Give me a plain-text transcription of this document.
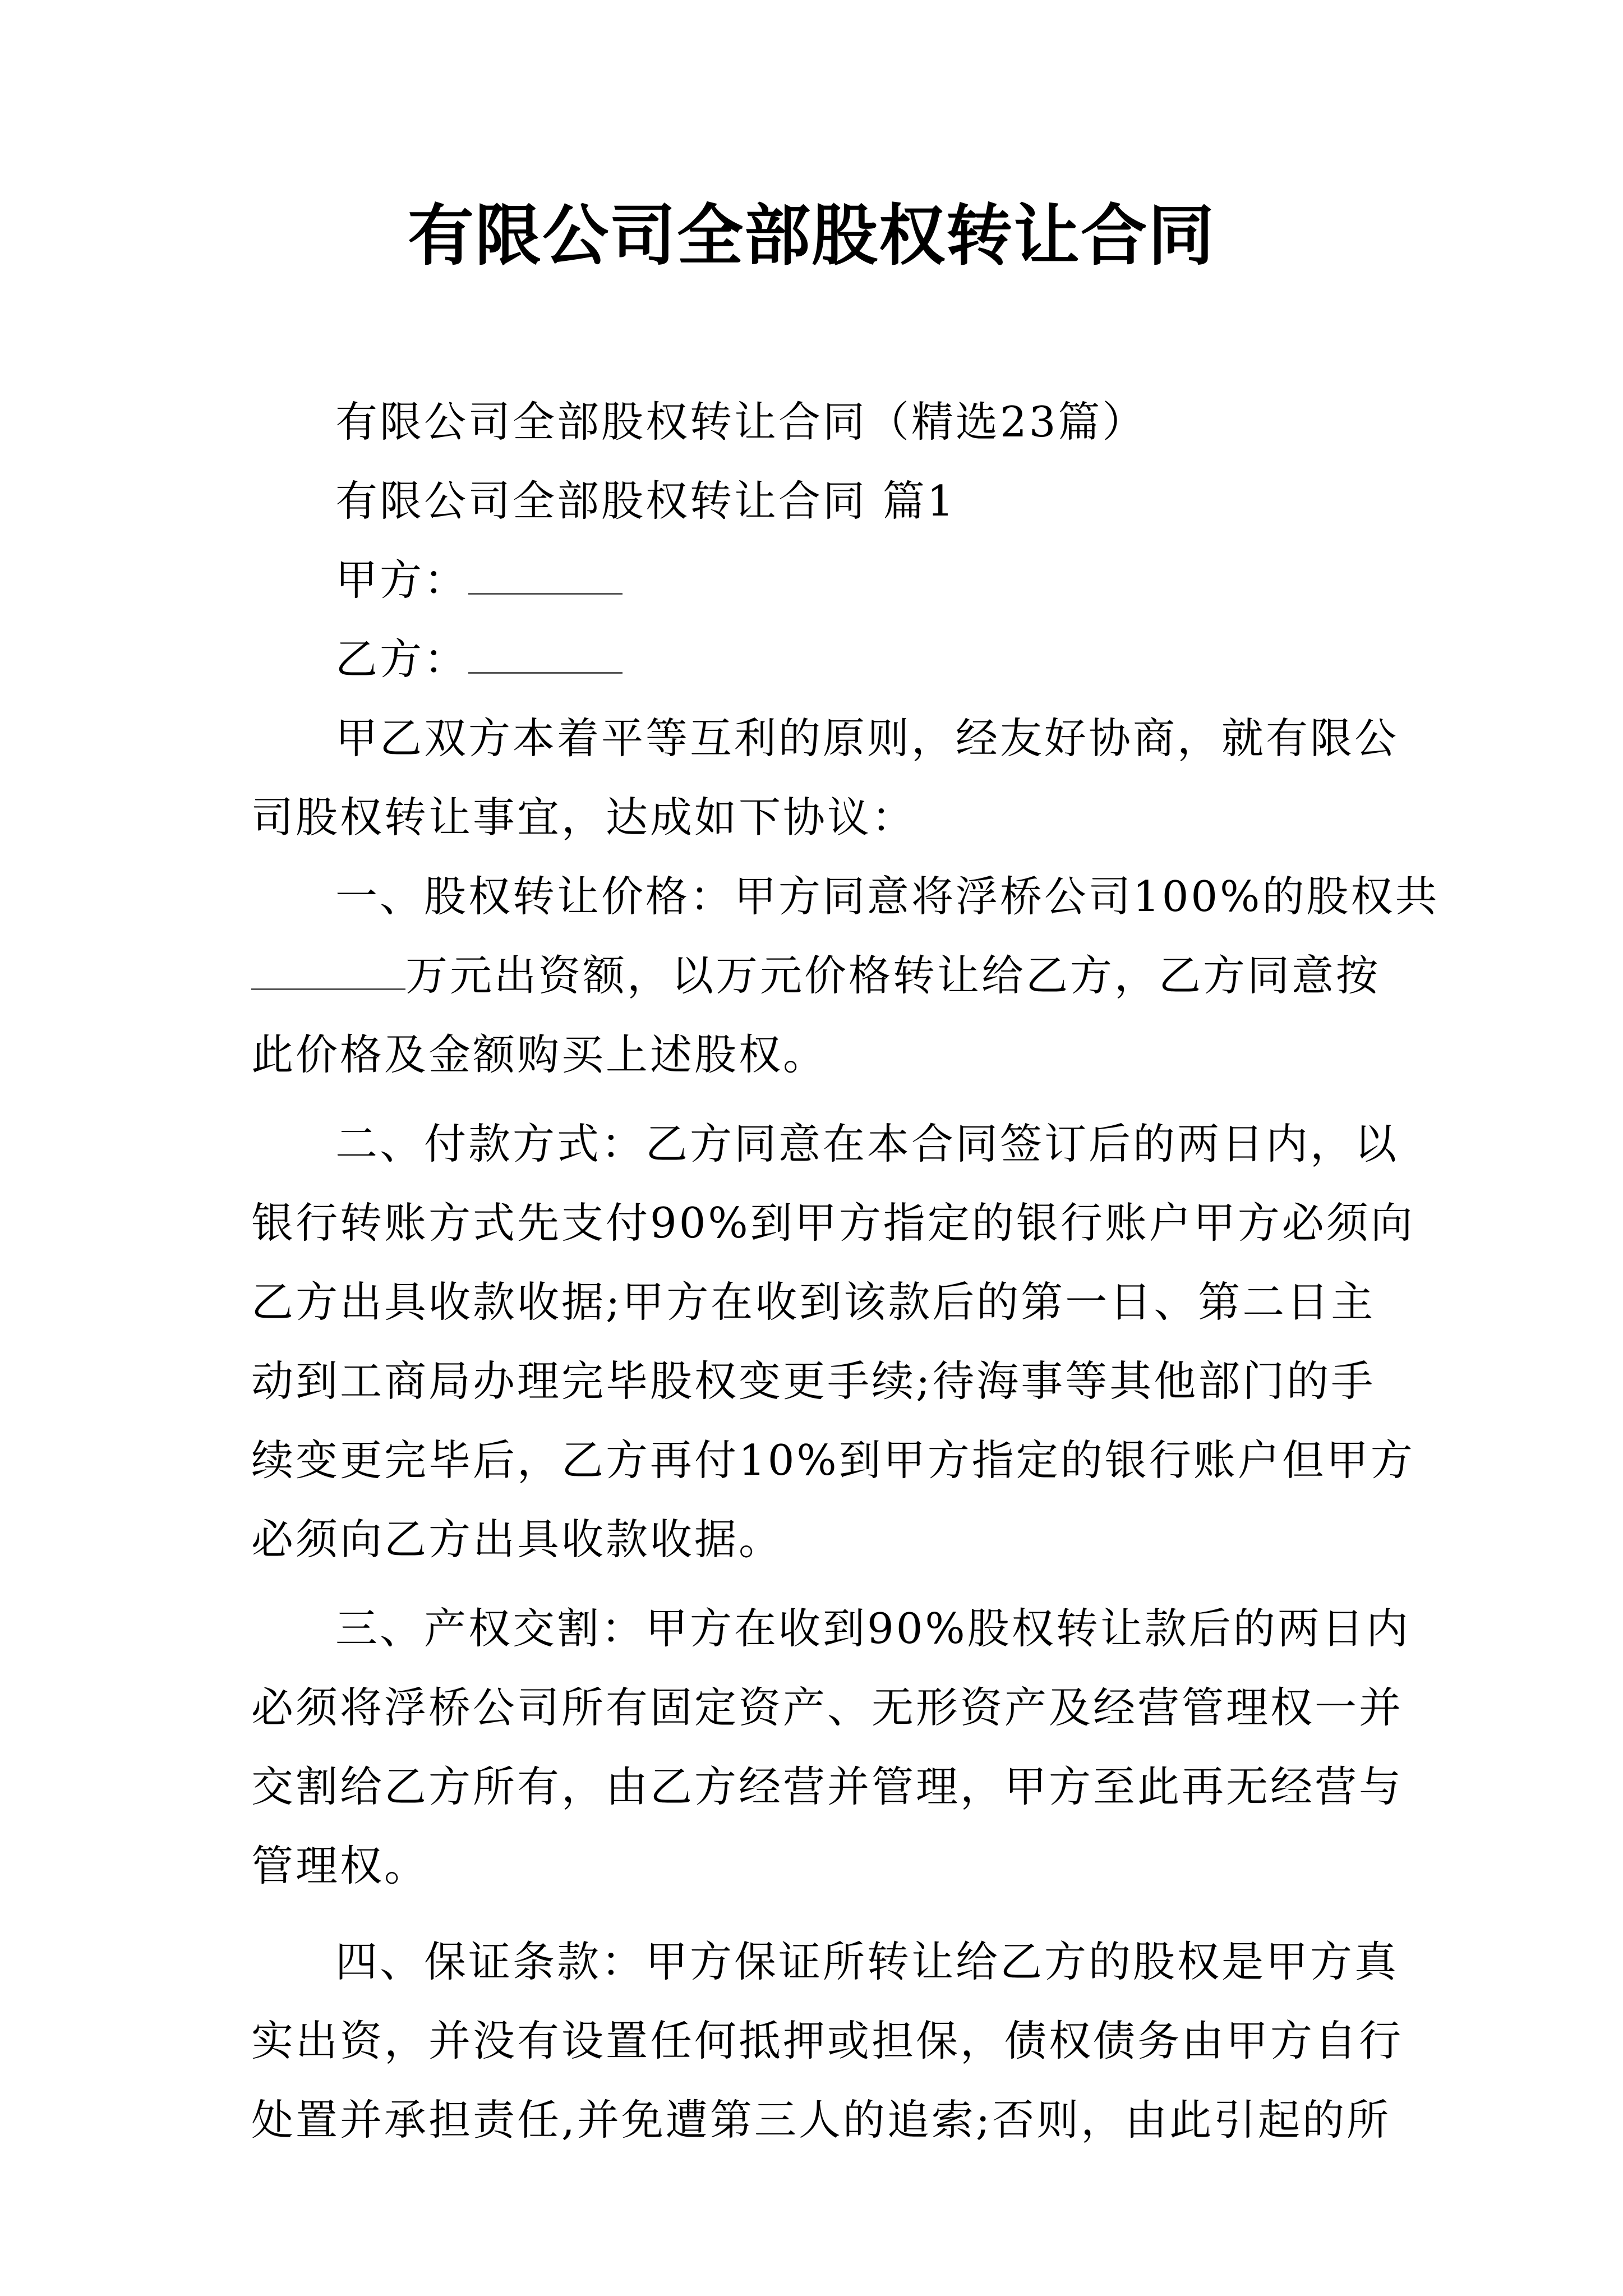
有限公司全部股权转让合同
有限公司全部股权转让合同（精选23篇）
有限公司全部股权转让合同 篇1
甲方：
乙方：
甲乙双方本着平等互利的原则，经友好协商，就有限公
司股权转让事宜，达成如下协议：
一、股权转让价格：甲方同意将浮桥公司100%的股权共
万元出资额，以万元价格转让给乙方，乙方同意按
此价格及金额购买上述股权。
二、付款方式：乙方同意在本合同签订后的两日内，以
银行转账方式先支付90%到甲方指定的银行账户甲方必须向
乙方出具收款收据;甲方在收到该款后的第一日、第二日主
动到工商局办理完毕股权变更手续;待海事等其他部门的手
续变更完毕后，乙方再付10%到甲方指定的银行账户但甲方
必须向乙方出具收款收据。
三、产权交割：甲方在收到90%股权转让款后的两日内
必须将浮桥公司所有固定资产、无形资产及经营管理权一并
交割给乙方所有，由乙方经营并管理，甲方至此再无经营与
管理权。
四、保证条款：甲方保证所转让给乙方的股权是甲方真
实出资，并没有设置任何抵押或担保，债权债务由甲方自行
处置并承担责任,并免遭第三人的追索;否则，由此引起的所
